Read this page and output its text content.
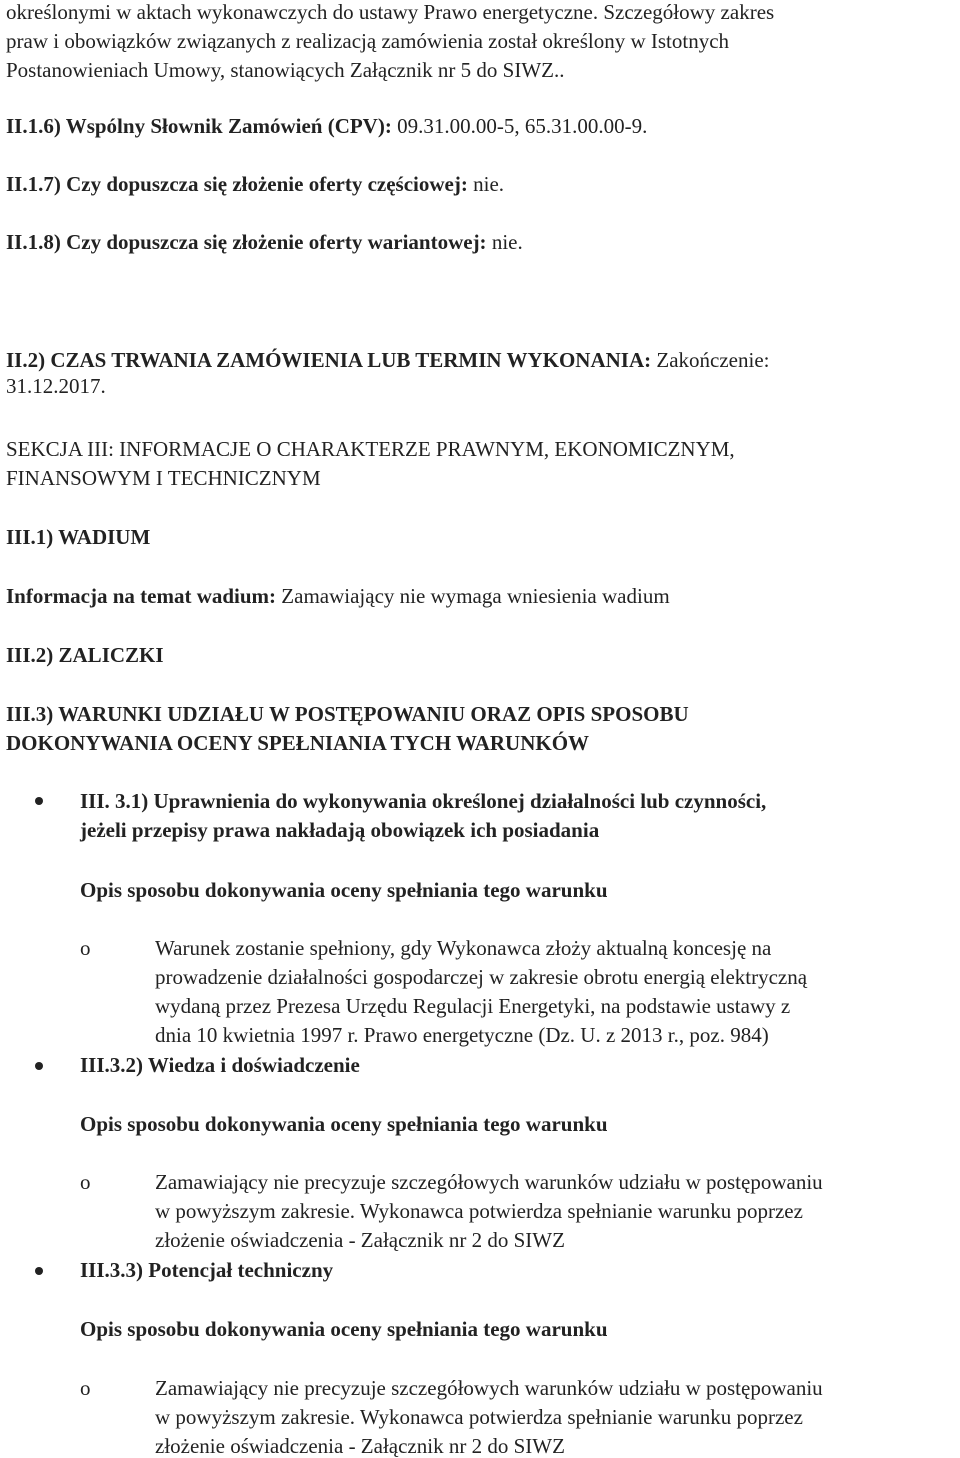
określonymi w aktach wykonawczych do ustawy Prawo energetyczne. Szczegółowy zakres
praw i obowiązków związanych z realizacją zamówienia został określony w Istotnych
Postanowieniach Umowy, stanowiących Załącznik nr 5 do SIWZ..
II.1.6) Wspólny Słownik Zamówień (CPV): 09.31.00.00-5, 65.31.00.00-9.
II.1.7) Czy dopuszcza się złożenie oferty częściowej: nie.
II.1.8) Czy dopuszcza się złożenie oferty wariantowej: nie.
II.2) CZAS TRWANIA ZAMÓWIENIA LUB TERMIN WYKONANIA: Zakończenie:
31.12.2017.
SEKCJA III: INFORMACJE O CHARAKTERZE PRAWNYM, EKONOMICZNYM,
FINANSOWYM I TECHNICZNYM
III.1) WADIUM
Informacja na temat wadium: Zamawiający nie wymaga wniesienia wadium
III.2) ZALICZKI
III.3) WARUNKI UDZIAŁU W POSTĘPOWANIU ORAZ OPIS SPOSOBU
DOKONYWANIA OCENY SPEŁNIANIA TYCH WARUNKÓW
III. 3.1) Uprawnienia do wykonywania określonej działalności lub czynności,
jeżeli przepisy prawa nakładają obowiązek ich posiadania
Opis sposobu dokonywania oceny spełniania tego warunku
o	Warunek zostanie spełniony, gdy Wykonawca złoży aktualną koncesję na
prowadzenie działalności gospodarczej w zakresie obrotu energią elektryczną
wydaną przez Prezesa Urzędu Regulacji Energetyki, na podstawie ustawy z
dnia 10 kwietnia 1997 r. Prawo energetyczne (Dz. U. z 2013 r., poz. 984)
III.3.2) Wiedza i doświadczenie
Opis sposobu dokonywania oceny spełniania tego warunku
o	Zamawiający nie precyzuje szczegółowych warunków udziału w postępowaniu
w powyższym zakresie. Wykonawca potwierdza spełnianie warunku poprzez
złożenie oświadczenia - Załącznik nr 2 do SIWZ
III.3.3) Potencjał techniczny
Opis sposobu dokonywania oceny spełniania tego warunku
o	Zamawiający nie precyzuje szczegółowych warunków udziału w postępowaniu
w powyższym zakresie. Wykonawca potwierdza spełnianie warunku poprzez
złożenie oświadczenia - Załącznik nr 2 do SIWZ
